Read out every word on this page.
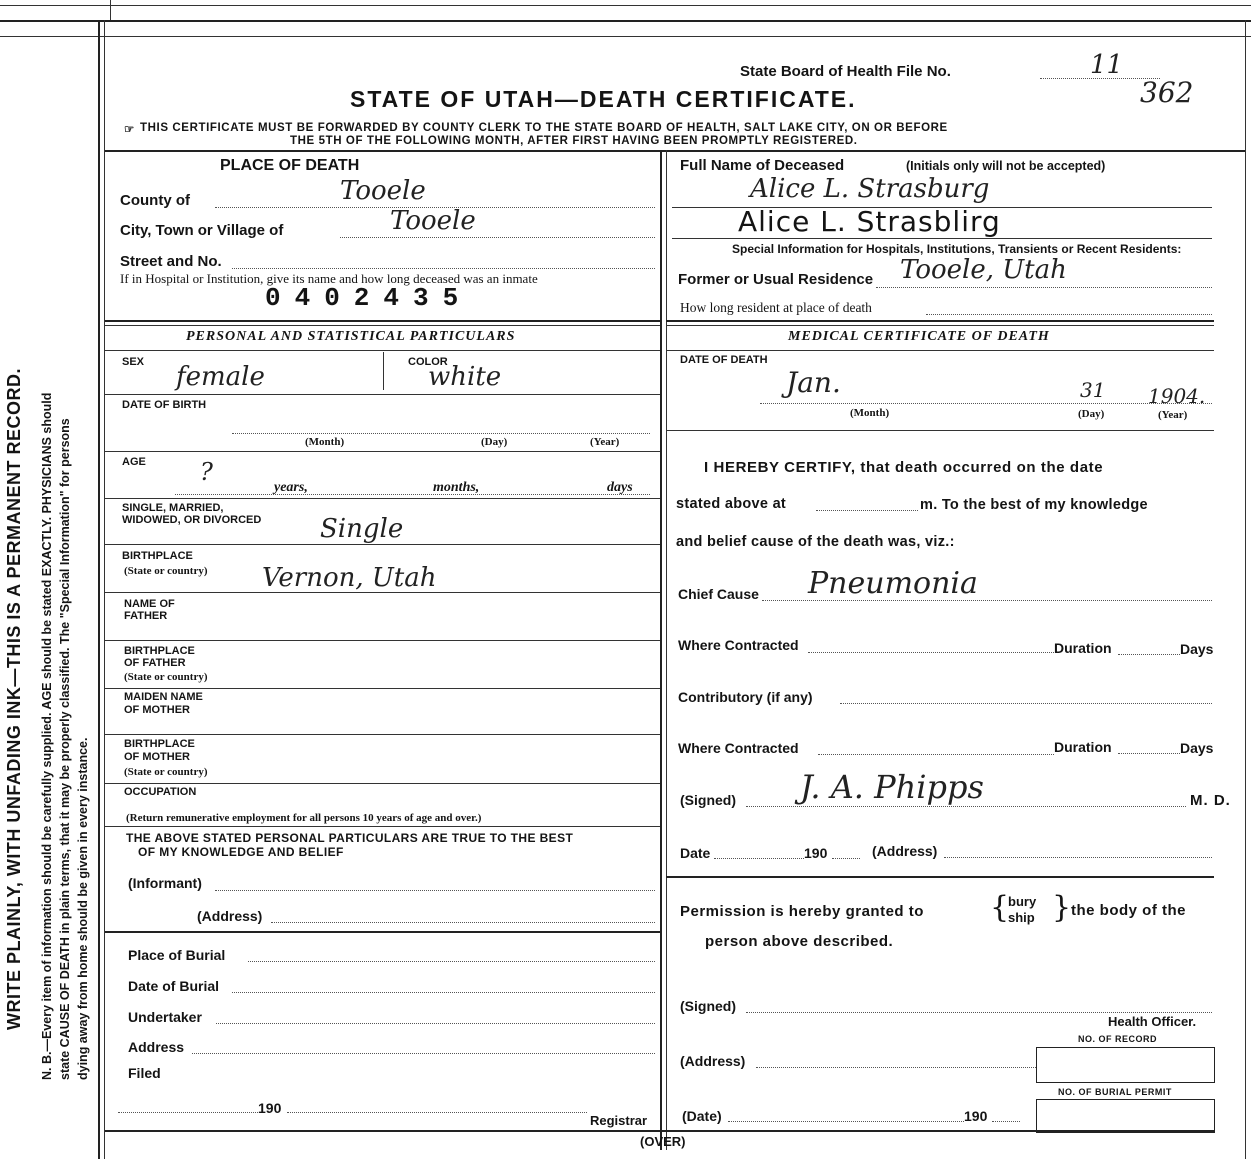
WRITE PLAINLY, WITH UNFADING INK—THIS IS A PERMANENT RECORD. N. B.—Every item of information should be carefully supplied. AGE should be stated EXACTLY. PHYSICIANS should state CAUSE OF DEATH in plain terms, that it may be properly classified. The "Special Information" for persons dying away from home should be given in every instance.
State Board of Health File No.	11
362
STATE OF UTAH—DEATH CERTIFICATE.
☞ THIS CERTIFICATE MUST BE FORWARDED BY COUNTY CLERK TO THE STATE BOARD OF HEALTH, SALT LAKE CITY, ON OR BEFORE
THE 5TH OF THE FOLLOWING MONTH, AFTER FIRST HAVING BEEN PROMPTLY REGISTERED.
PLACE OF DEATH
County of	Tooele
City, Town or Village of	Tooele
Street and No.
If in Hospital or Institution, give its name and how long deceased was an inmate
0402435
Full Name of Deceased	(Initials only will not be accepted)
Alice L. Strasburg
Alice L. Strasblirg
Special Information for Hospitals, Institutions, Transients or Recent Residents:
Former or Usual Residence Tooele, Utah
How long resident at place of death
PERSONAL AND STATISTICAL PARTICULARS
SEX female	COLOR
white
DATE OF BIRTH
(Month)	(Day)	(Year)
AGE ?
years,	months,	days
SINGLE, MARRIED,
WIDOWED, OR DIVORCED Single
BIRTHPLACE
(State or country) Vernon, Utah
NAME OF
FATHER
BIRTHPLACE
OF FATHER
(State or country)
MAIDEN NAME
OF MOTHER
BIRTHPLACE
OF MOTHER
(State or country)
OCCUPATION
(Return remunerative employment for all persons 10 years of age and over.)
THE ABOVE STATED PERSONAL PARTICULARS ARE TRUE TO THE BEST
OF MY KNOWLEDGE AND BELIEF
(Informant)
(Address)
Place of Burial
Date of Burial
Undertaker
Address
Filed
190
Registrar
(OVER)
MEDICAL CERTIFICATE OF DEATH
DATE OF DEATH
Jan.	31 1904.
(Month)	(Day)	(Year)
I HEREBY CERTIFY, that death occurred on the date
stated above at	m. To the best of my knowledge
and belief cause of the death was, viz.:
Chief Cause Pneumonia
Where Contracted	Duration	Days
Contributory (if any)
Where Contracted	Duration	Days
(Signed) J. A. Phipps	M. D.
Date	190	(Address)
Permission is hereby granted to {
bury
ship } the body of the
person above described.
(Signed)
Health Officer.
NO. OF RECORD
(Address)
NO. OF BURIAL PERMIT
(Date)	190
